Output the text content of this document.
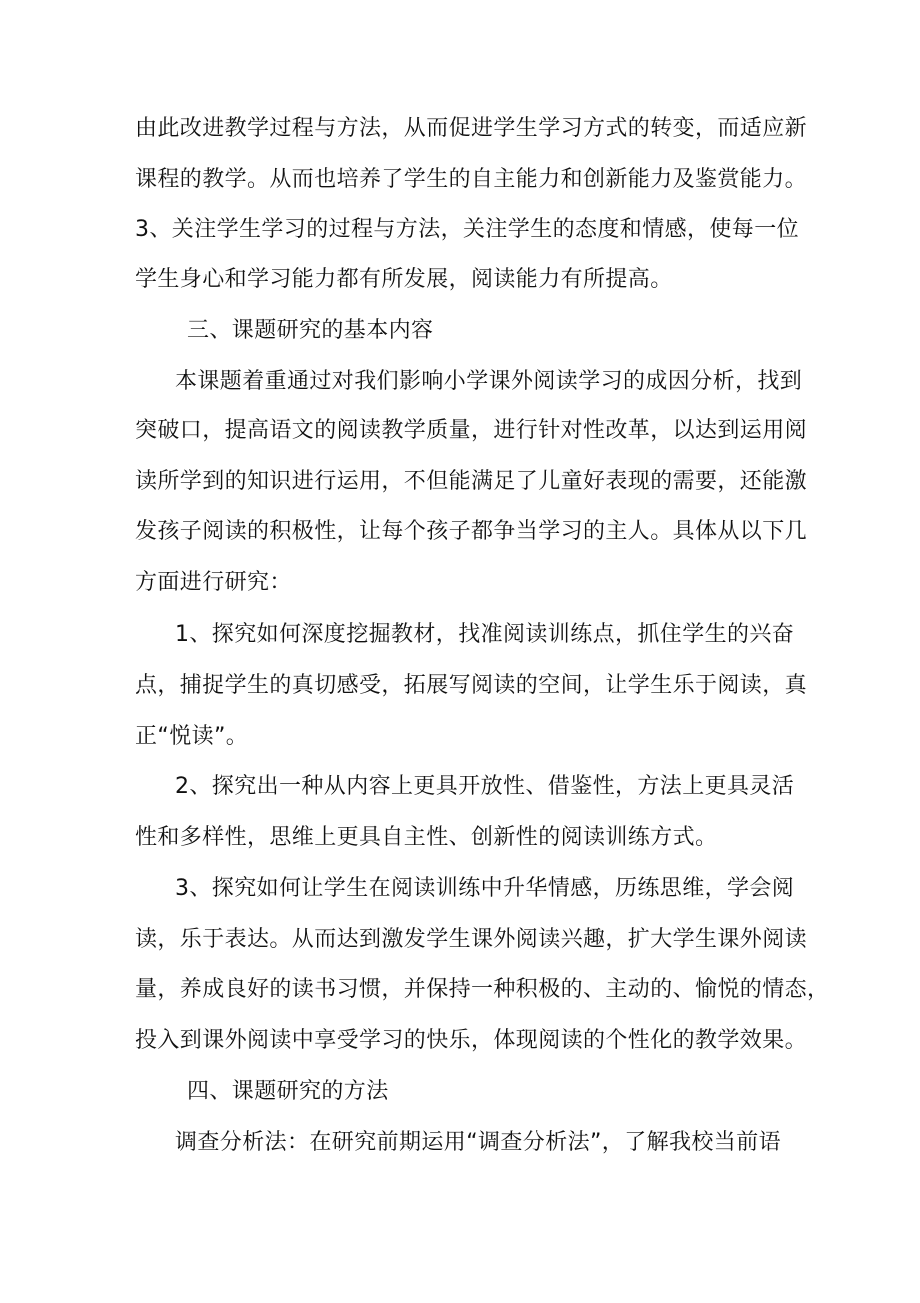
由此改进教学过程与方法，从而促进学生学习方式的转变，而适应新
课程的教学。从而也培养了学生的自主能力和创新能力及鉴赏能力。
3、关注学生学习的过程与方法，关注学生的态度和情感，使每一位
学生身心和学习能力都有所发展，阅读能力有所提高。
三、课题研究的基本内容
本课题着重通过对我们影响小学课外阅读学习的成因分析，找到
突破口，提高语文的阅读教学质量，进行针对性改革，以达到运用阅
读所学到的知识进行运用，不但能满足了儿童好表现的需要，还能激
发孩子阅读的积极性，让每个孩子都争当学习的主人。具体从以下几
方面进行研究：
1、探究如何深度挖掘教材，找准阅读训练点，抓住学生的兴奋
点，捕捉学生的真切感受，拓展写阅读的空间，让学生乐于阅读，真
正“悦读”。
2、探究出一种从内容上更具开放性、借鉴性，方法上更具灵活
性和多样性，思维上更具自主性、创新性的阅读训练方式。
3、探究如何让学生在阅读训练中升华情感，历练思维，学会阅
读，乐于表达。从而达到激发学生课外阅读兴趣，扩大学生课外阅读
量，养成良好的读书习惯，并保持一种积极的、主动的、愉悦的情态，
投入到课外阅读中享受学习的快乐，体现阅读的个性化的教学效果。
四、课题研究的方法
调查分析法：在研究前期运用“调查分析法”，了解我校当前语
